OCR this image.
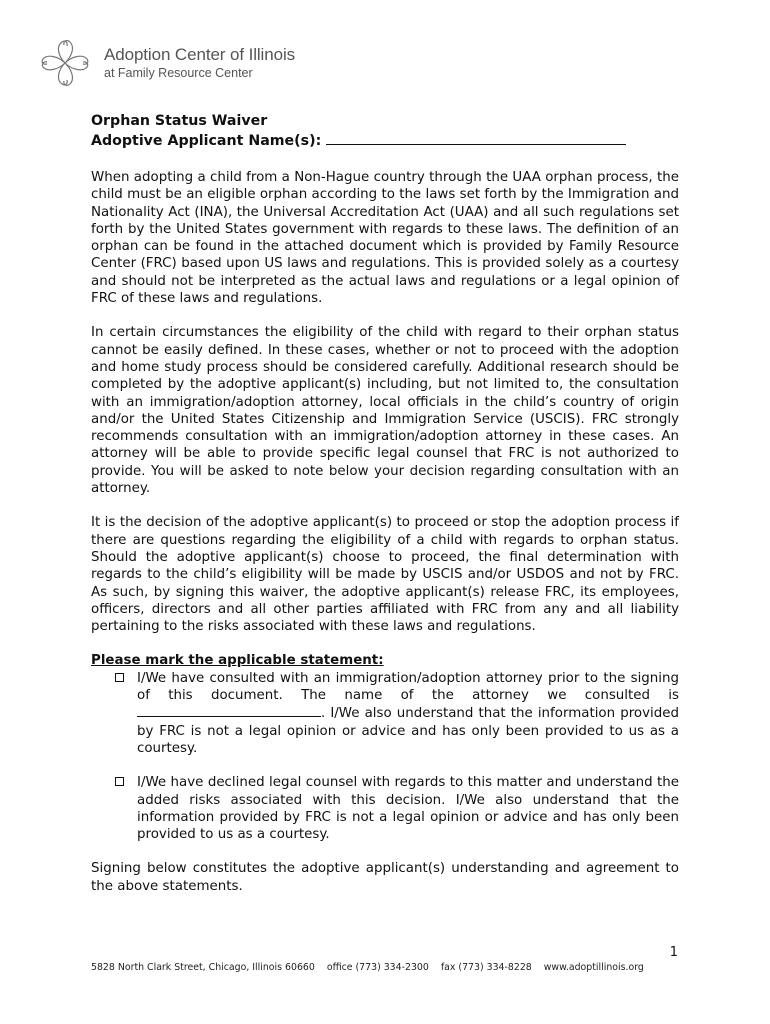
Adoption Center of Illinois
at Family Resource Center
Orphan Status Waiver
Adoptive Applicant Name(s):
When adopting a child from a Non-Hague country through the UAA orphan process, the child must be an eligible orphan according to the laws set forth by the Immigration and Nationality Act (INA), the Universal Accreditation Act (UAA) and all such regulations set forth by the United States government with regards to these laws. The definition of an orphan can be found in the attached document which is provided by Family Resource Center (FRC) based upon US laws and regulations. This is provided solely as a courtesy and should not be interpreted as the actual laws and regulations or a legal opinion of FRC of these laws and regulations.
In certain circumstances the eligibility of the child with regard to their orphan status cannot be easily defined. In these cases, whether or not to proceed with the adoption and home study process should be considered carefully. Additional research should be completed by the adoptive applicant(s) including, but not limited to, the consultation with an immigration/adoption attorney, local officials in the child’s country of origin and/or the United States Citizenship and Immigration Service (USCIS). FRC strongly recommends consultation with an immigration/adoption attorney in these cases. An attorney will be able to provide specific legal counsel that FRC is not authorized to provide. You will be asked to note below your decision regarding consultation with an attorney.
It is the decision of the adoptive applicant(s) to proceed or stop the adoption process if there are questions regarding the eligibility of a child with regards to orphan status. Should the adoptive applicant(s) choose to proceed, the final determination with regards to the child’s eligibility will be made by USCIS and/or USDOS and not by FRC. As such, by signing this waiver, the adoptive applicant(s) release FRC, its employees, officers, directors and all other parties affiliated with FRC from any and all liability pertaining to the risks associated with these laws and regulations.
Please mark the applicable statement:
I/We have consulted with an immigration/adoption attorney prior to the signing of this document. The name of the attorney we consulted is . I/We also understand that the information provided by FRC is not a legal opinion or advice and has only been provided to us as a courtesy.
I/We have declined legal counsel with regards to this matter and understand the added risks associated with this decision. I/We also understand that the information provided by FRC is not a legal opinion or advice and has only been provided to us as a courtesy.
Signing below constitutes the adoptive applicant(s) understanding and agreement to the above statements.
1
5828 North Clark Street, Chicago, Illinois 60660 office (773) 334-2300 fax (773) 334-8228 www.adoptillinois.org
